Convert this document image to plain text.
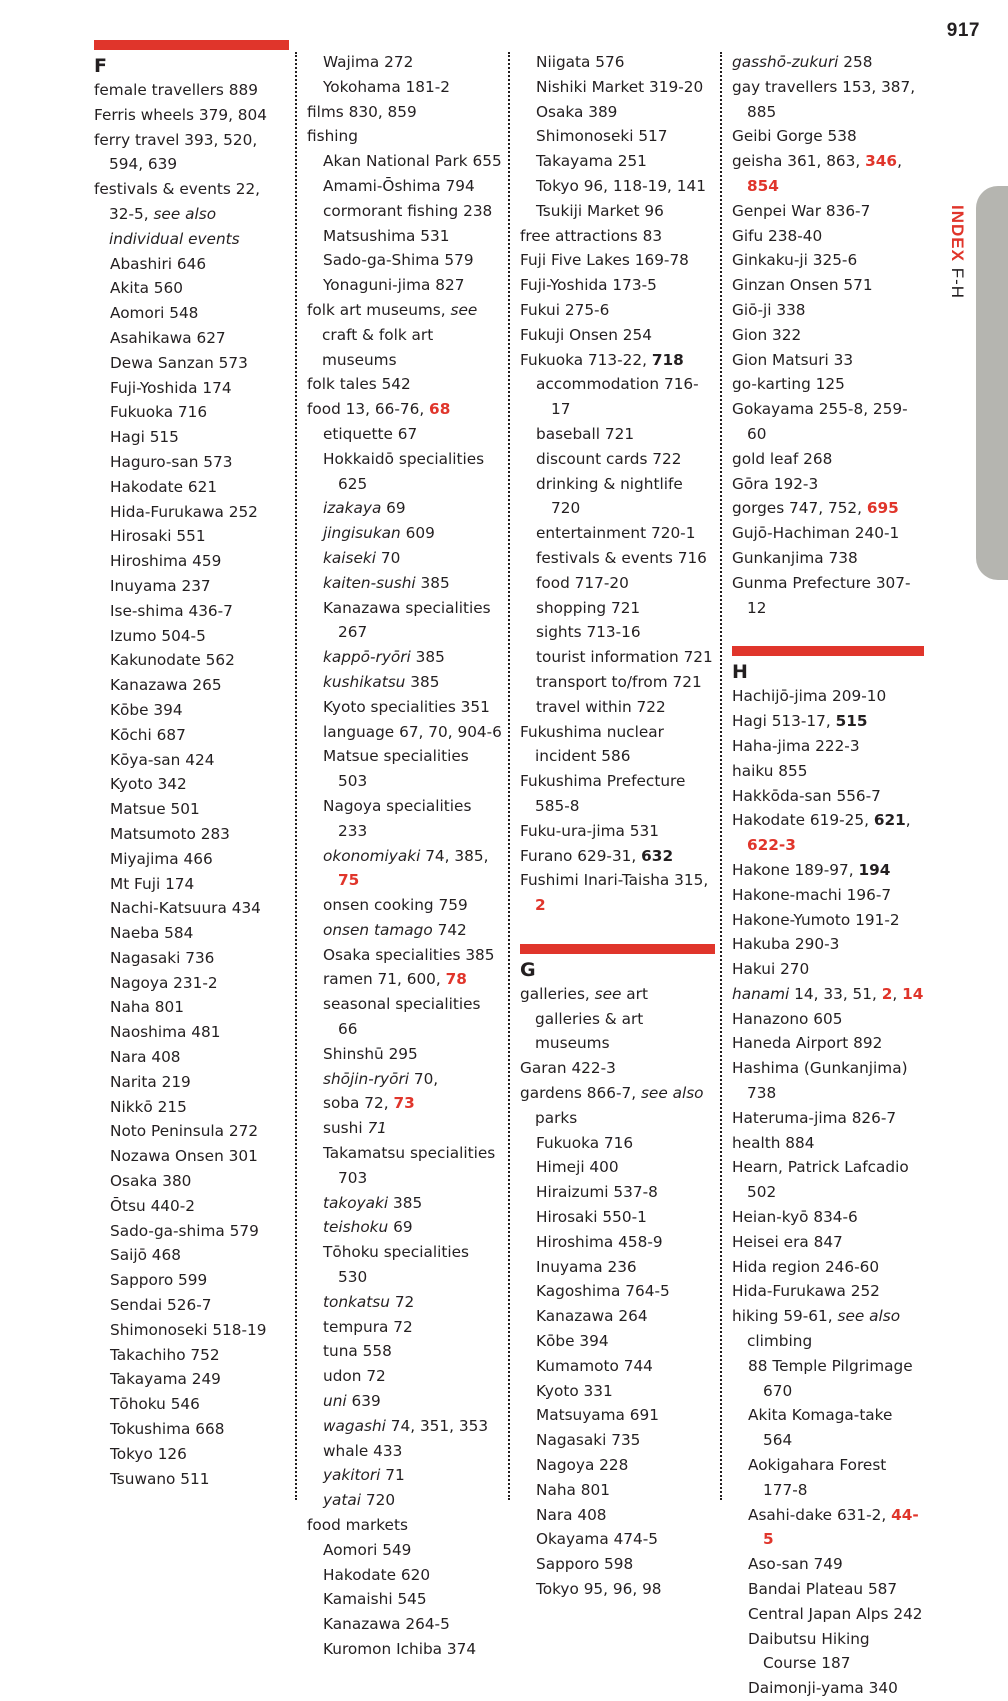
917
INDEX F-H
F
female travellers 889
Ferris wheels 379, 804
ferry travel 393, 520, 594, 639
festivals & events 22, 32-5, see also individual events
Abashiri 646
Akita 560
Aomori 548
Asahikawa 627
Dewa Sanzan 573
Fuji-Yoshida 174
Fukuoka 716
Hagi 515
Haguro-san 573
Hakodate 621
Hida-Furukawa 252
Hirosaki 551
Hiroshima 459
Inuyama 237
Ise-shima 436-7
Izumo 504-5
Kakunodate 562
Kanazawa 265
Kōbe 394
Kōchi 687
Kōya-san 424
Kyoto 342
Matsue 501
Matsumoto 283
Miyajima 466
Mt Fuji 174
Nachi-Katsuura 434
Naeba 584
Nagasaki 736
Nagoya 231-2
Naha 801
Naoshima 481
Nara 408
Narita 219
Nikkō 215
Noto Peninsula 272
Nozawa Onsen 301
Osaka 380
Ōtsu 440-2
Sado-ga-shima 579
Saijō 468
Sapporo 599
Sendai 526-7
Shimonoseki 518-19
Takachiho 752
Takayama 249
Tōhoku 546
Tokushima 668
Tokyo 126
Tsuwano 511
Wajima 272
Yokohama 181-2
films 830, 859
fishing
Akan National Park 655
Amami-Ōshima 794
cormorant fishing 238
Matsushima 531
Sado-ga-Shima 579
Yonaguni-jima 827
folk art museums, see craft & folk art museums
folk tales 542
food 13, 66-76, 68
etiquette 67
Hokkaidō specialities 625
izakaya 69
jingisukan 609
kaiseki 70
kaiten-sushi 385
Kanazawa specialities 267
kappō-ryōri 385
kushikatsu 385
Kyoto specialities 351
language 67, 70, 904-6
Matsue specialities 503
Nagoya specialities 233
okonomiyaki 74, 385, 75
onsen cooking 759
onsen tamago 742
Osaka specialities 385
ramen 71, 600, 78
seasonal specialities 66
Shinshū 295
shōjin-ryōri 70,
soba 72, 73
sushi 71
Takamatsu specialities 703
takoyaki 385
teishoku 69
Tōhoku specialities 530
tonkatsu 72
tempura 72
tuna 558
udon 72
uni 639
wagashi 74, 351, 353
whale 433
yakitori 71
yatai 720
food markets
Aomori 549
Hakodate 620
Kamaishi 545
Kanazawa 264-5
Kuromon Ichiba 374
Niigata 576
Nishiki Market 319-20
Osaka 389
Shimonoseki 517
Takayama 251
Tokyo 96, 118-19, 141
Tsukiji Market 96
free attractions 83
Fuji Five Lakes 169-78
Fuji-Yoshida 173-5
Fukui 275-6
Fukuji Onsen 254
Fukuoka 713-22, 718
accommodation 716-17
baseball 721
discount cards 722
drinking & nightlife 720
entertainment 720-1
festivals & events 716
food 717-20
shopping 721
sights 713-16
tourist information 721
transport to/from 721
travel within 722
Fukushima nuclear incident 586
Fukushima Prefecture 585-8
Fuku-ura-jima 531
Furano 629-31, 632
Fushimi Inari-Taisha 315, 2
G
galleries, see art galleries & art museums
Garan 422-3
gardens 866-7, see also parks
Fukuoka 716
Himeji 400
Hiraizumi 537-8
Hirosaki 550-1
Hiroshima 458-9
Inuyama 236
Kagoshima 764-5
Kanazawa 264
Kōbe 394
Kumamoto 744
Kyoto 331
Matsuyama 691
Nagasaki 735
Nagoya 228
Naha 801
Nara 408
Okayama 474-5
Sapporo 598
Tokyo 95, 96, 98
gasshō-zukuri 258
gay travellers 153, 387, 885
Geibi Gorge 538
geisha 361, 863, 346, 854
Genpei War 836-7
Gifu 238-40
Ginkaku-ji 325-6
Ginzan Onsen 571
Giō-ji 338
Gion 322
Gion Matsuri 33
go-karting 125
Gokayama 255-8, 259-60
gold leaf 268
Gōra 192-3
gorges 747, 752, 695
Gujō-Hachiman 240-1
Gunkanjima 738
Gunma Prefecture 307-12
H
Hachijō-jima 209-10
Hagi 513-17, 515
Haha-jima 222-3
haiku 855
Hakkōda-san 556-7
Hakodate 619-25, 621, 622-3
Hakone 189-97, 194
Hakone-machi 196-7
Hakone-Yumoto 191-2
Hakuba 290-3
Hakui 270
hanami 14, 33, 51, 2, 14
Hanazono 605
Haneda Airport 892
Hashima (Gunkanjima) 738
Hateruma-jima 826-7
health 884
Hearn, Patrick Lafcadio 502
Heian-kyō 834-6
Heisei era 847
Hida region 246-60
Hida-Furukawa 252
hiking 59-61, see also climbing
88 Temple Pilgrimage 670
Akita Komaga-take 564
Aokigahara Forest 177-8
Asahi-dake 631-2, 44-5
Aso-san 749
Bandai Plateau 587
Central Japan Alps 242
Daibutsu Hiking Course 187
Daimonji-yama 340
